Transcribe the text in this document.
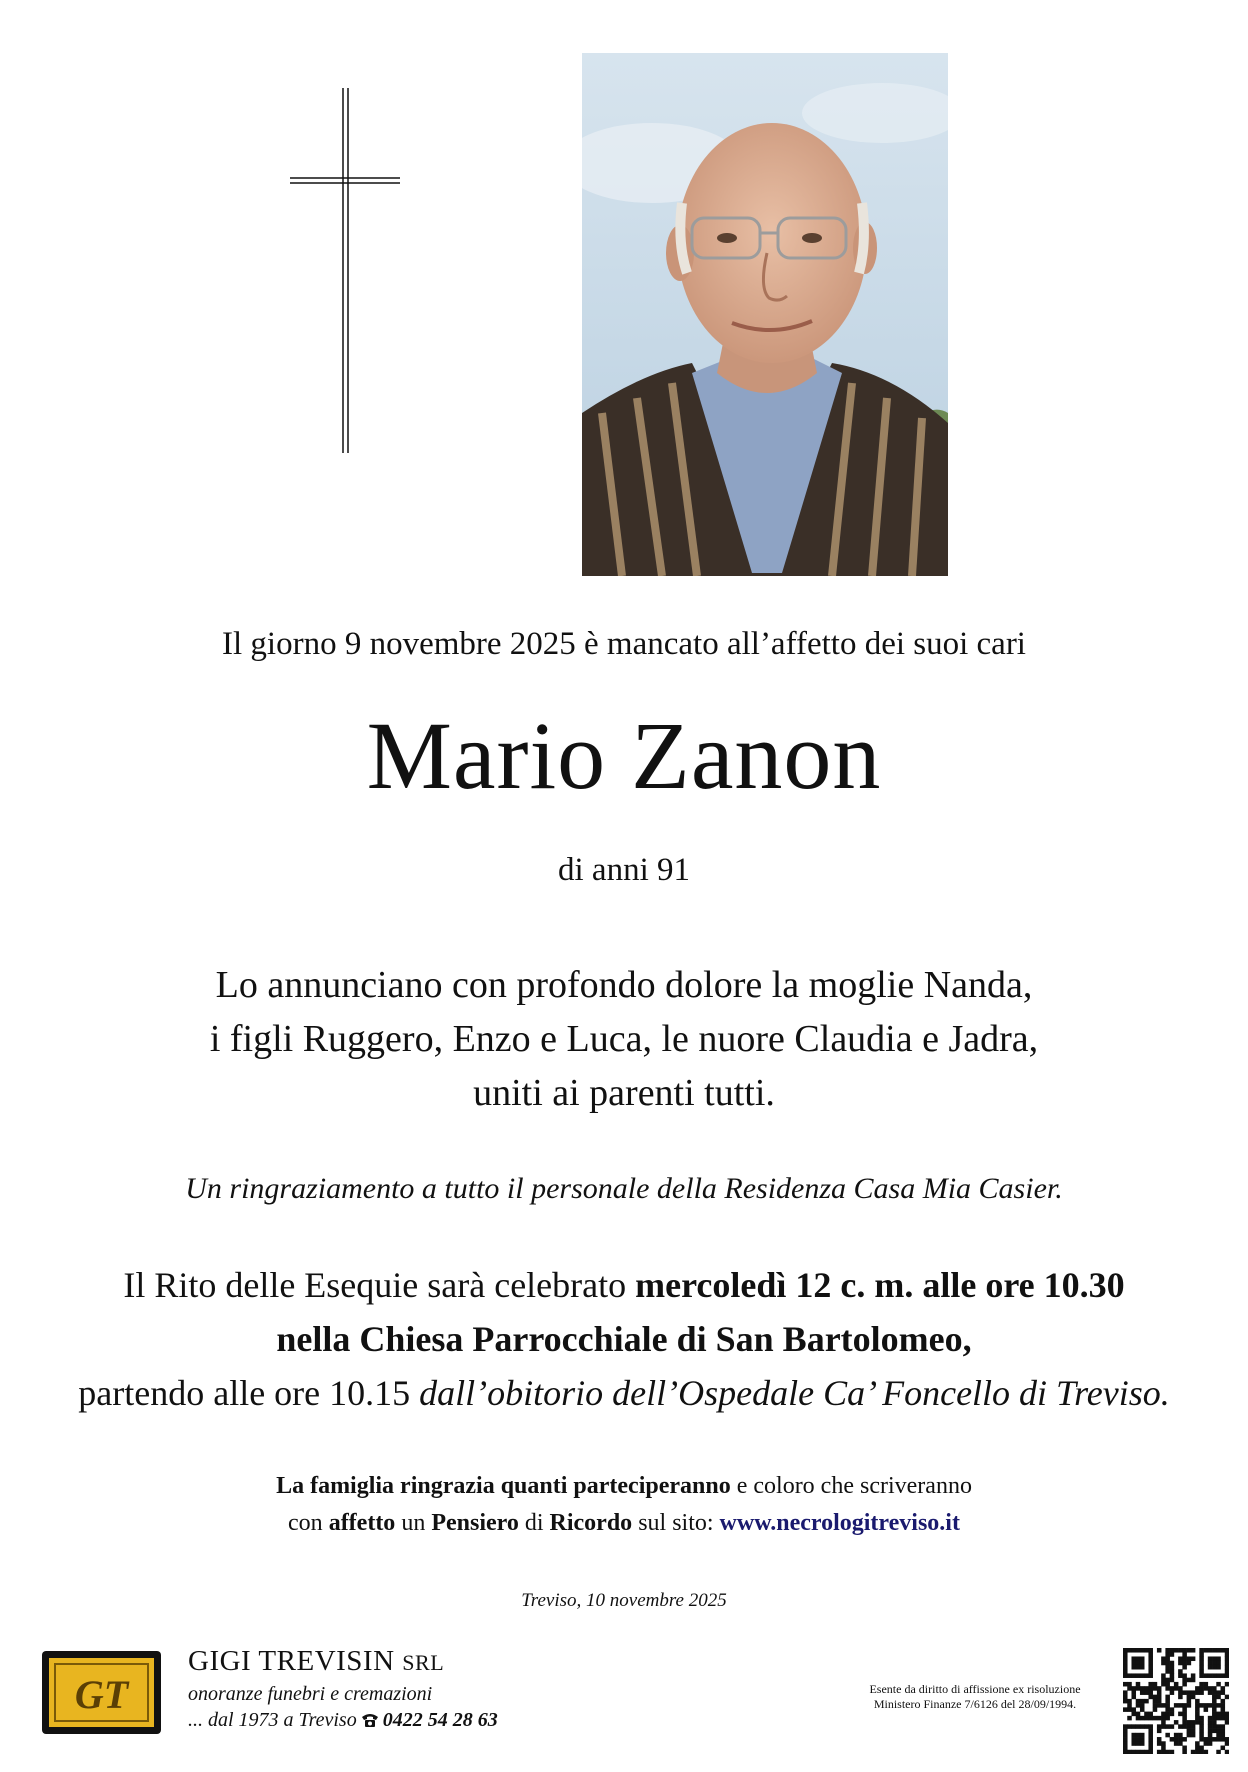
Il giorno 9 novembre 2025 è mancato all’affetto dei suoi cari
Mario Zanon
di anni 91
Lo annunciano con profondo dolore la moglie Nanda,
i figli Ruggero, Enzo e Luca, le nuore Claudia e Jadra,
uniti ai parenti tutti.
Un ringraziamento a tutto il personale della Residenza Casa Mia Casier.
Il Rito delle Esequie sarà celebrato mercoledì 12 c. m. alle ore 10.30
nella Chiesa Parrocchiale di San Bartolomeo,
partendo alle ore 10.15 dall’obitorio dell’Ospedale Ca’ Foncello di Treviso.
La famiglia ringrazia quanti parteciperanno e coloro che scriveranno
con affetto un Pensiero di Ricordo sul sito: www.necrologitreviso.it
Treviso, 10 novembre 2025
GT
GIGI TREVISIN SRL
onoranze funebri e cremazioni
... dal 1973 a Treviso 0422 54 28 63
Esente da diritto di affissione ex risoluzione
Ministero Finanze 7/6126 del 28/09/1994.
